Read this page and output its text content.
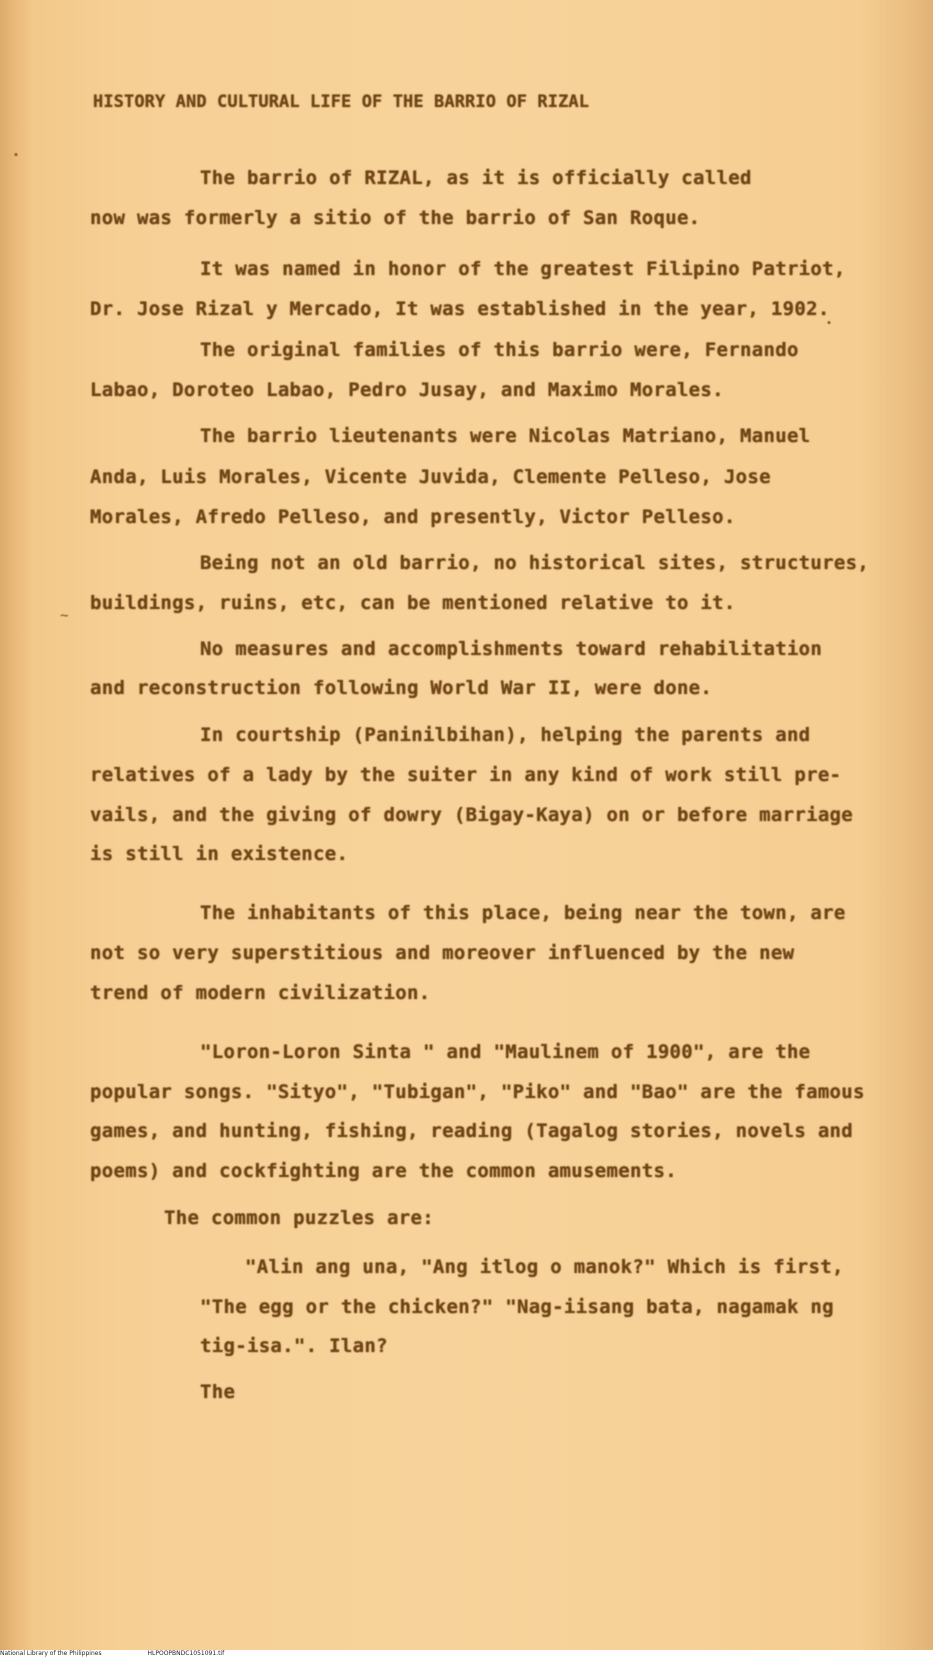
HISTORY AND CULTURAL LIFE OF THE BARRIO OF RIZAL
The barrio of RIZAL, as it is officially called
now was formerly a sitio of the barrio of San Roque.
It was named in honor of the greatest Filipino Patriot,
Dr. Jose Rizal y Mercado, It was established in the year, 1902.
The original families of this barrio were, Fernando
Labao, Doroteo Labao, Pedro Jusay, and Maximo Morales.
The barrio lieutenants were Nicolas Matriano, Manuel
Anda, Luis Morales, Vicente Juvida, Clemente Pelleso, Jose
Morales, Afredo Pelleso, and presently, Victor Pelleso.
Being not an old barrio, no historical sites, structures,
buildings, ruins, etc, can be mentioned relative to it.
No measures and accomplishments toward rehabilitation
and reconstruction following World War II, were done.
In courtship (Paninilbihan), helping the parents and
relatives of a lady by the suiter in any kind of work still pre-
vails, and the giving of dowry (Bigay-Kaya) on or before marriage
is still in existence.
The inhabitants of this place, being near the town, are
not so very superstitious and moreover influenced by the new
trend of modern civilization.
"Loron-Loron Sinta " and "Maulinem of 1900", are the
popular songs. "Sityo", "Tubigan", "Piko" and "Bao" are the famous
games, and hunting, fishing, reading (Tagalog stories, novels and
poems) and cockfighting are the common amusements.
The common puzzles are:
"Alin ang una, "Ang itlog o manok?" Which is first,
"The egg or the chicken?" "Nag-iisang bata, nagamak ng
tig-isa.". Ilan?
The
~
•
•
National Library of the Philippines	HLPOOPBNDC1051091.tif
